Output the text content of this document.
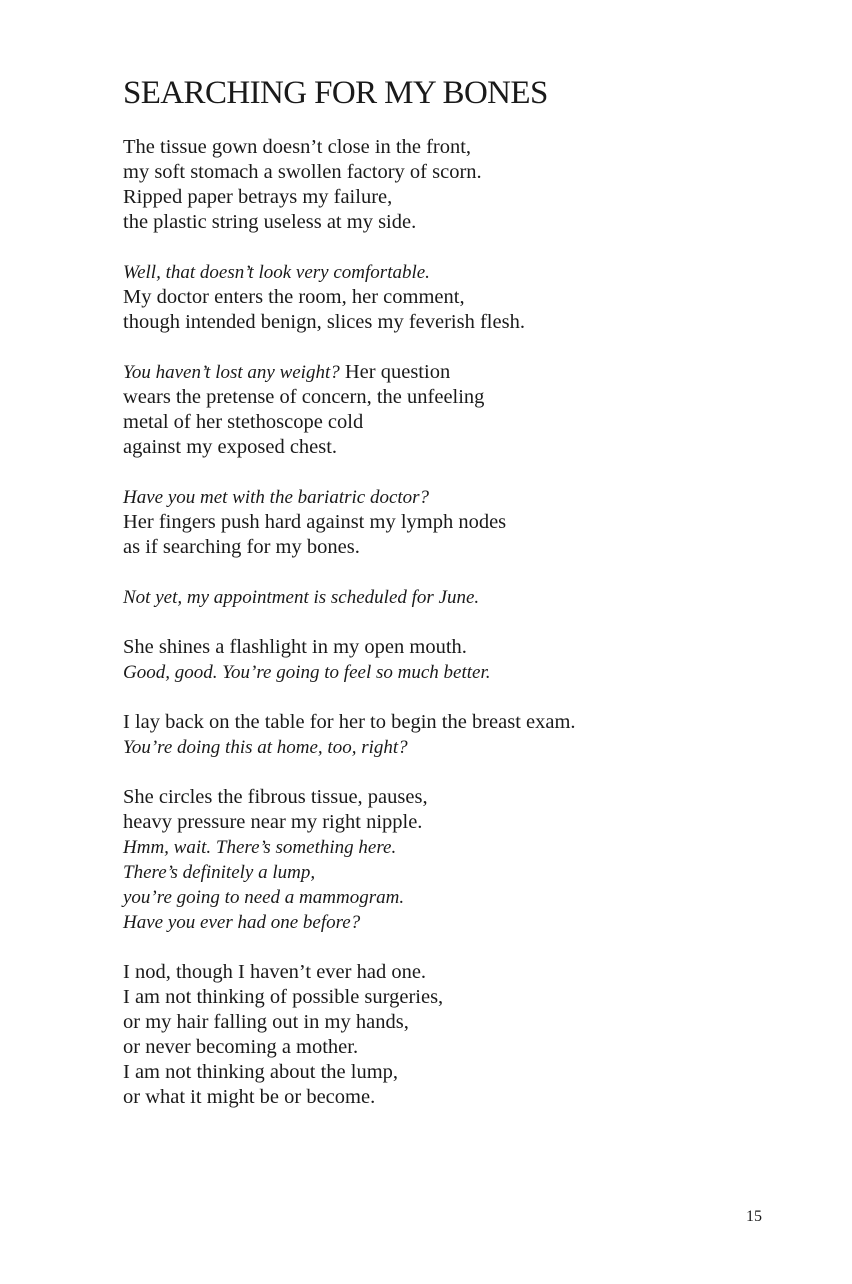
SEARCHING FOR MY BONES
The tissue gown doesn’t close in the front,
my soft stomach a swollen factory of scorn.
Ripped paper betrays my failure,
the plastic string useless at my side.
Well, that doesn’t look very comfortable.
My doctor enters the room, her comment,
though intended benign, slices my feverish flesh.
You haven’t lost any weight? Her question
wears the pretense of concern, the unfeeling
metal of her stethoscope cold
against my exposed chest.
Have you met with the bariatric doctor?
Her fingers push hard against my lymph nodes
as if searching for my bones.
Not yet, my appointment is scheduled for June.
She shines a flashlight in my open mouth.
Good, good. You’re going to feel so much better.
I lay back on the table for her to begin the breast exam.
You’re doing this at home, too, right?
She circles the fibrous tissue, pauses,
heavy pressure near my right nipple.
Hmm, wait. There’s something here.
There’s definitely a lump,
you’re going to need a mammogram.
Have you ever had one before?
I nod, though I haven’t ever had one.
I am not thinking of possible surgeries,
or my hair falling out in my hands,
or never becoming a mother.
I am not thinking about the lump,
or what it might be or become.
15
